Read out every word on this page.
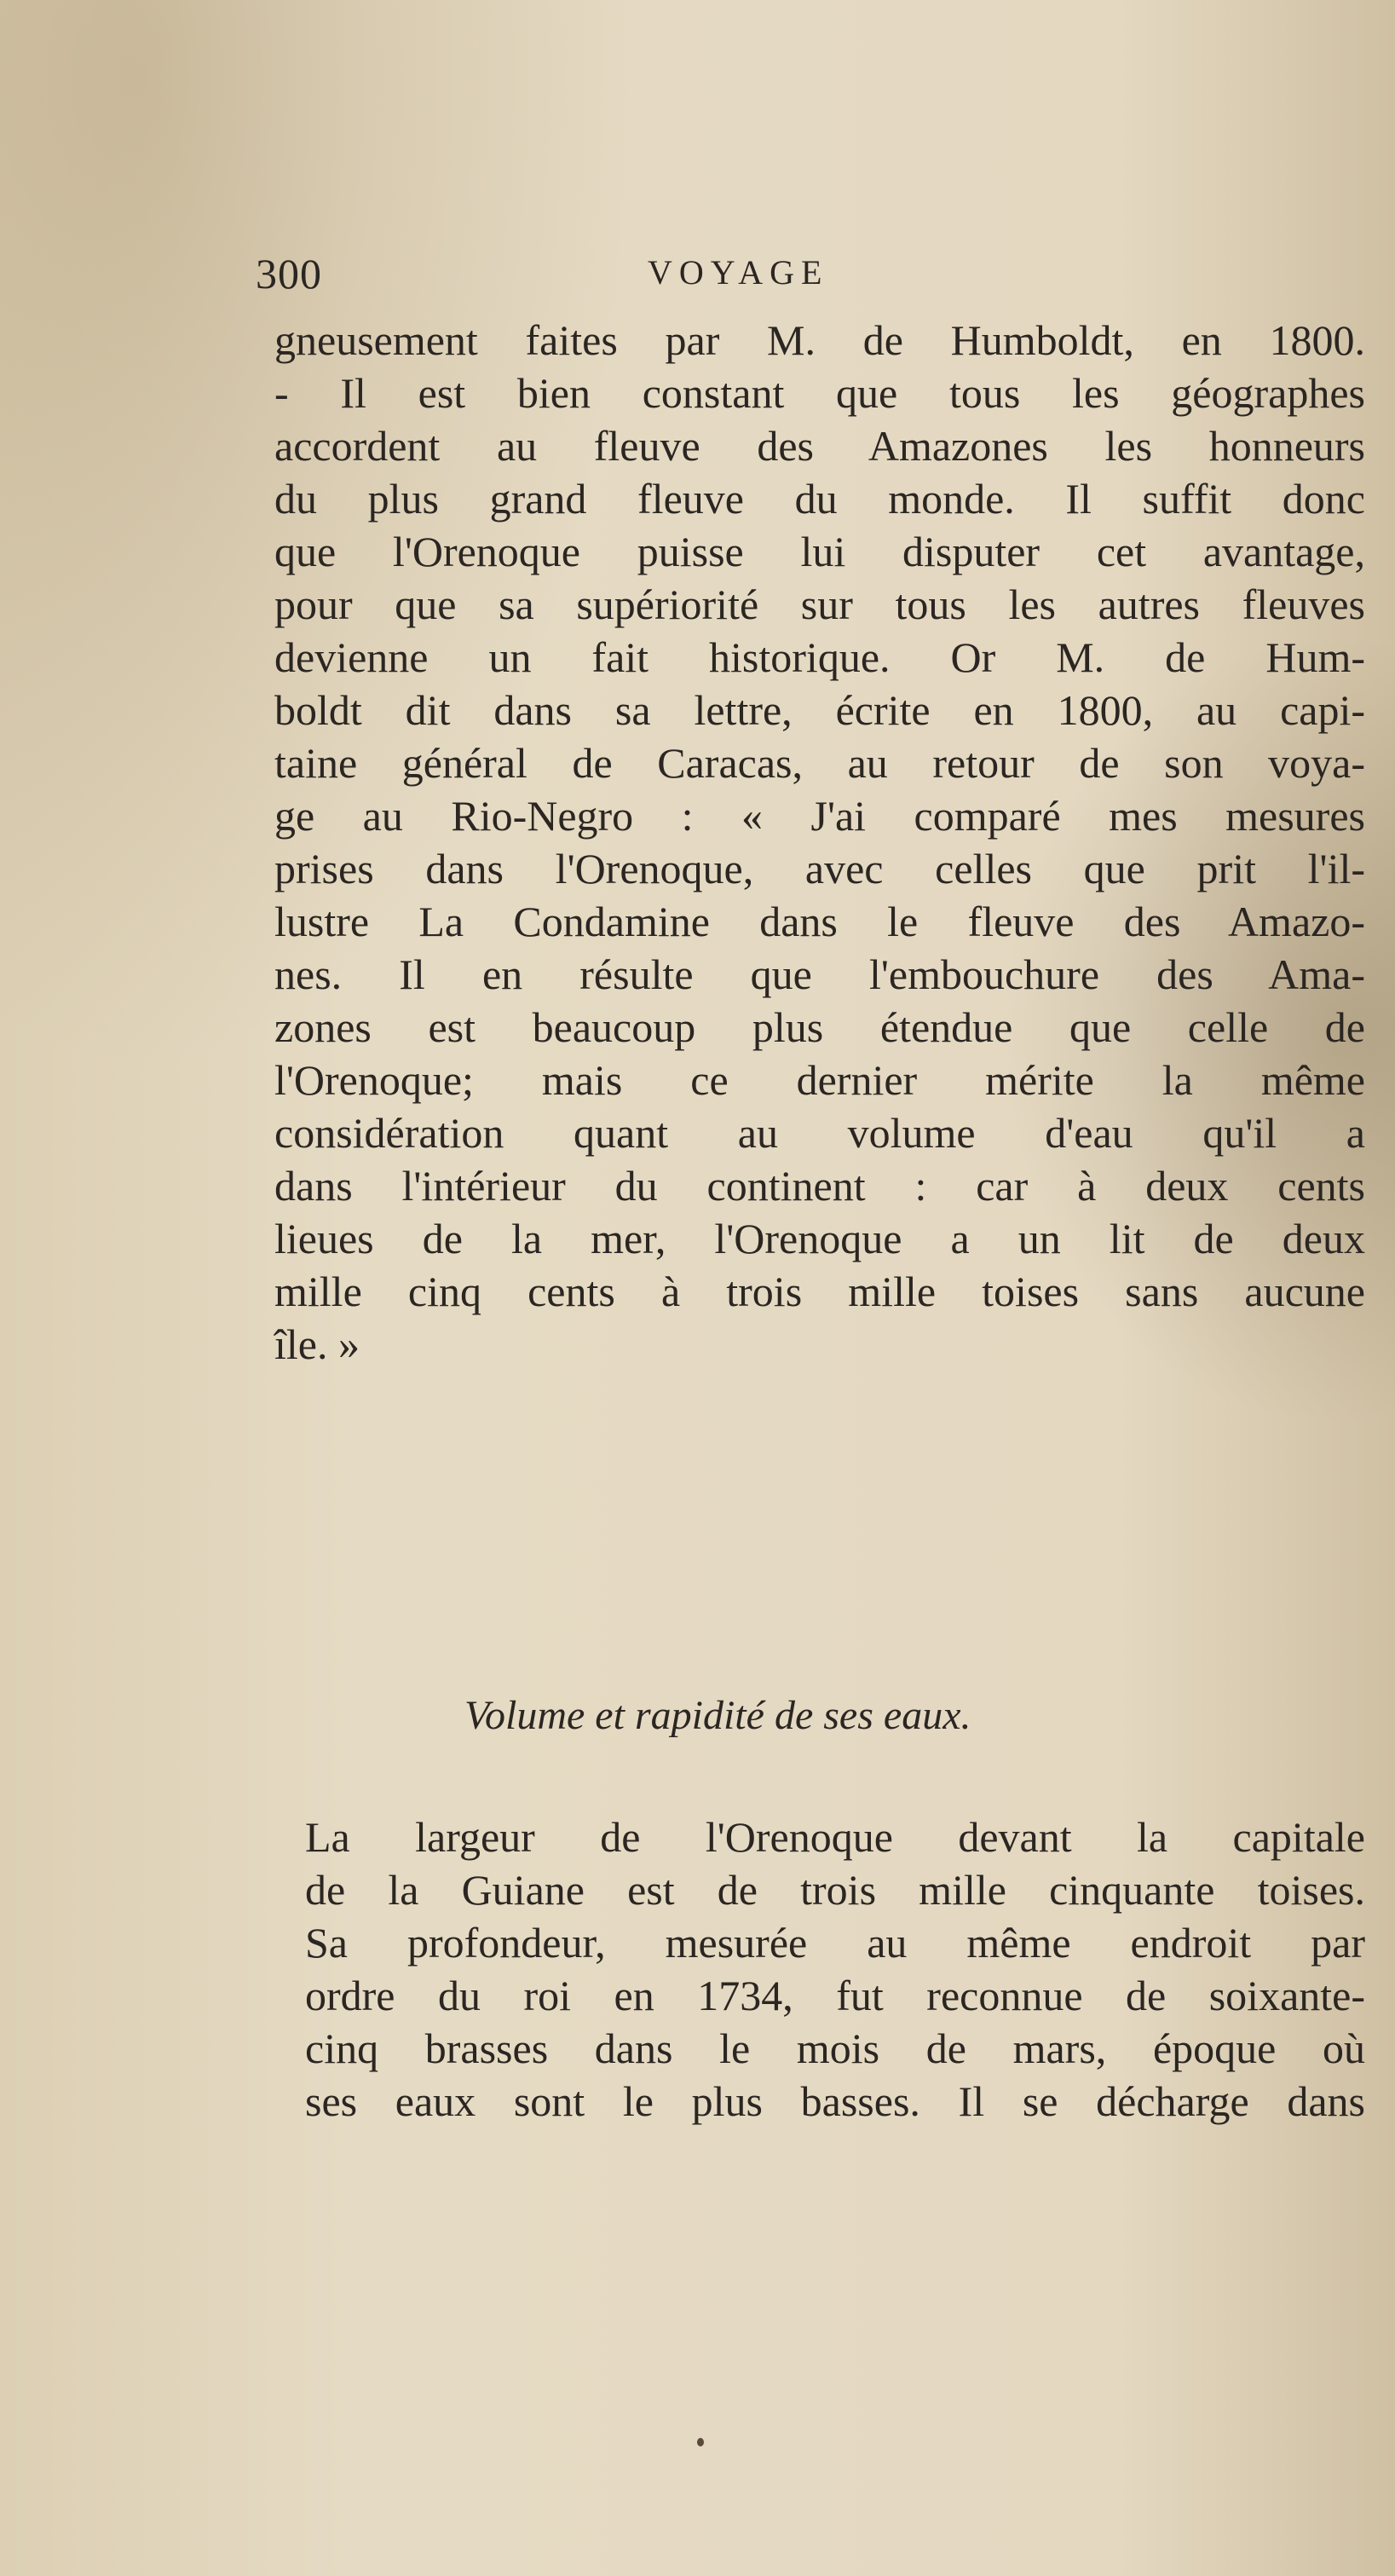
300	VOYAGE
gneusement faites par M. de Humboldt, en 1800.
- Il est bien constant que tous les géographes
accordent au fleuve des Amazones les honneurs
du plus grand fleuve du monde. Il suffit donc
que l'Orenoque puisse lui disputer cet avantage,
pour que sa supériorité sur tous les autres fleuves
devienne un fait historique. Or M. de Hum-
boldt dit dans sa lettre, écrite en 1800, au capi-
taine général de Caracas, au retour de son voya-
ge au Rio-Negro : « J'ai comparé mes mesures
prises dans l'Orenoque, avec celles que prit l'il-
lustre La Condamine dans le fleuve des Amazo-
nes. Il en résulte que l'embouchure des Ama-
zones est beaucoup plus étendue que celle de
l'Orenoque; mais ce dernier mérite la même
considération quant au volume d'eau qu'il a
dans l'intérieur du continent : car à deux cents
lieues de la mer, l'Orenoque a un lit de deux
mille cinq cents à trois mille toises sans aucune
île. »
Volume et rapidité de ses eaux.
La largeur de l'Orenoque devant la capitale
de la Guiane est de trois mille cinquante toises.
Sa profondeur, mesurée au même endroit par
ordre du roi en 1734, fut reconnue de soixante-
cinq brasses dans le mois de mars, époque où
ses eaux sont le plus basses. Il se décharge dans
